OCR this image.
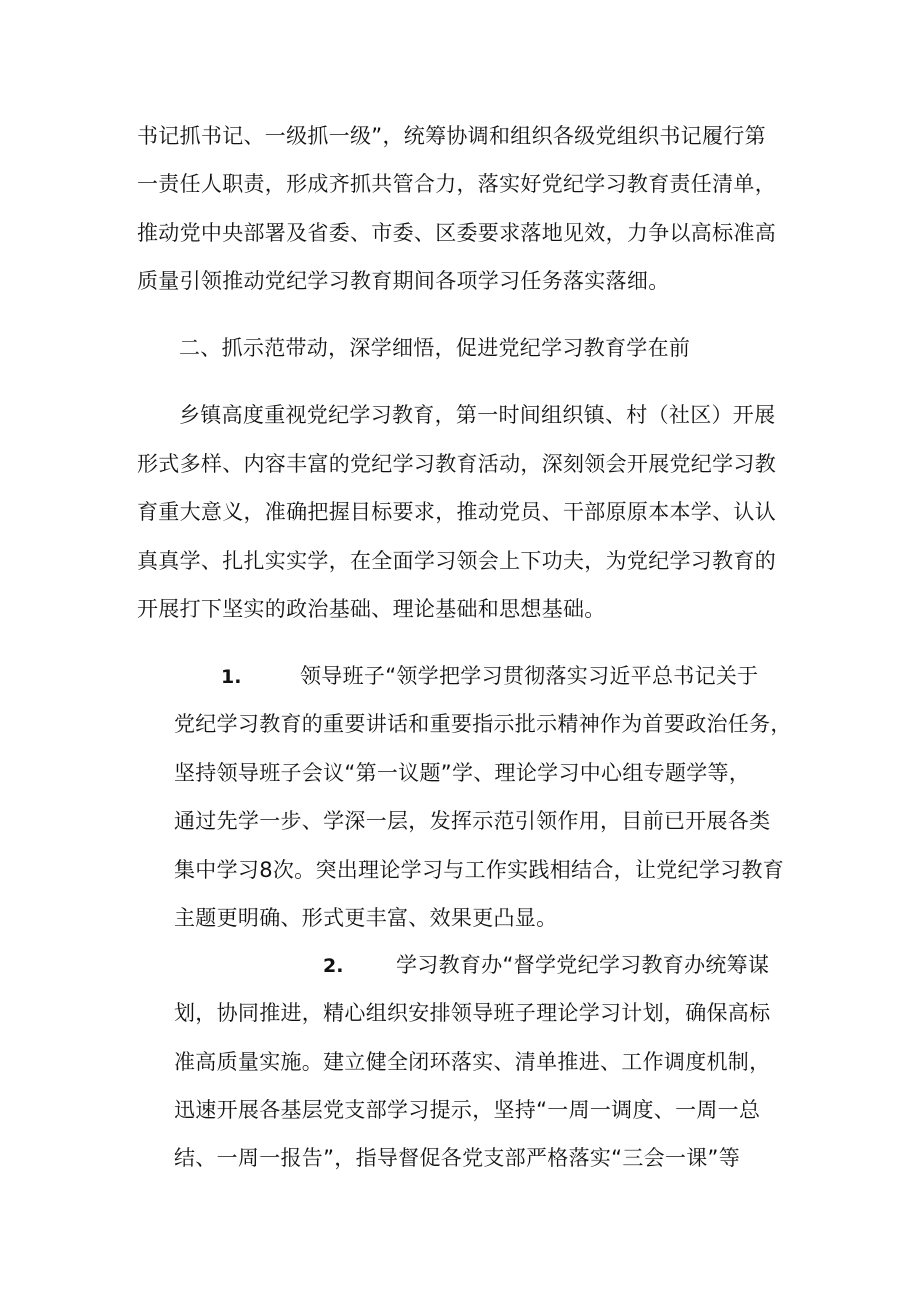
书记抓书记、一级抓一级”，统筹协调和组织各级党组织书记履行第
一责任人职责，形成齐抓共管合力，落实好党纪学习教育责任清单，
推动党中央部署及省委、市委、区委要求落地见效，力争以高标准高
质量引领推动党纪学习教育期间各项学习任务落实落细。
二、抓示范带动，深学细悟，促进党纪学习教育学在前
乡镇高度重视党纪学习教育，第一时间组织镇、村（社区）开展
形式多样、内容丰富的党纪学习教育活动，深刻领会开展党纪学习教
育重大意义，准确把握目标要求，推动党员、干部原原本本学、认认
真真学、扎扎实实学，在全面学习领会上下功夫，为党纪学习教育的
开展打下坚实的政治基础、理论基础和思想基础。
1.	领导班子“领学把学习贯彻落实习近平总书记关于
党纪学习教育的重要讲话和重要指示批示精神作为首要政治任务，
坚持领导班子会议“第一议题”学、理论学习中心组专题学等，
通过先学一步、学深一层，发挥示范引领作用，目前已开展各类
集中学习8次。突出理论学习与工作实践相结合，让党纪学习教育
主题更明确、形式更丰富、效果更凸显。
2.	学习教育办“督学党纪学习教育办统筹谋
划，协同推进，精心组织安排领导班子理论学习计划，确保高标
准高质量实施。建立健全闭环落实、清单推进、工作调度机制，
迅速开展各基层党支部学习提示，坚持“一周一调度、一周一总
结、一周一报告”，指导督促各党支部严格落实“三会一课”等
